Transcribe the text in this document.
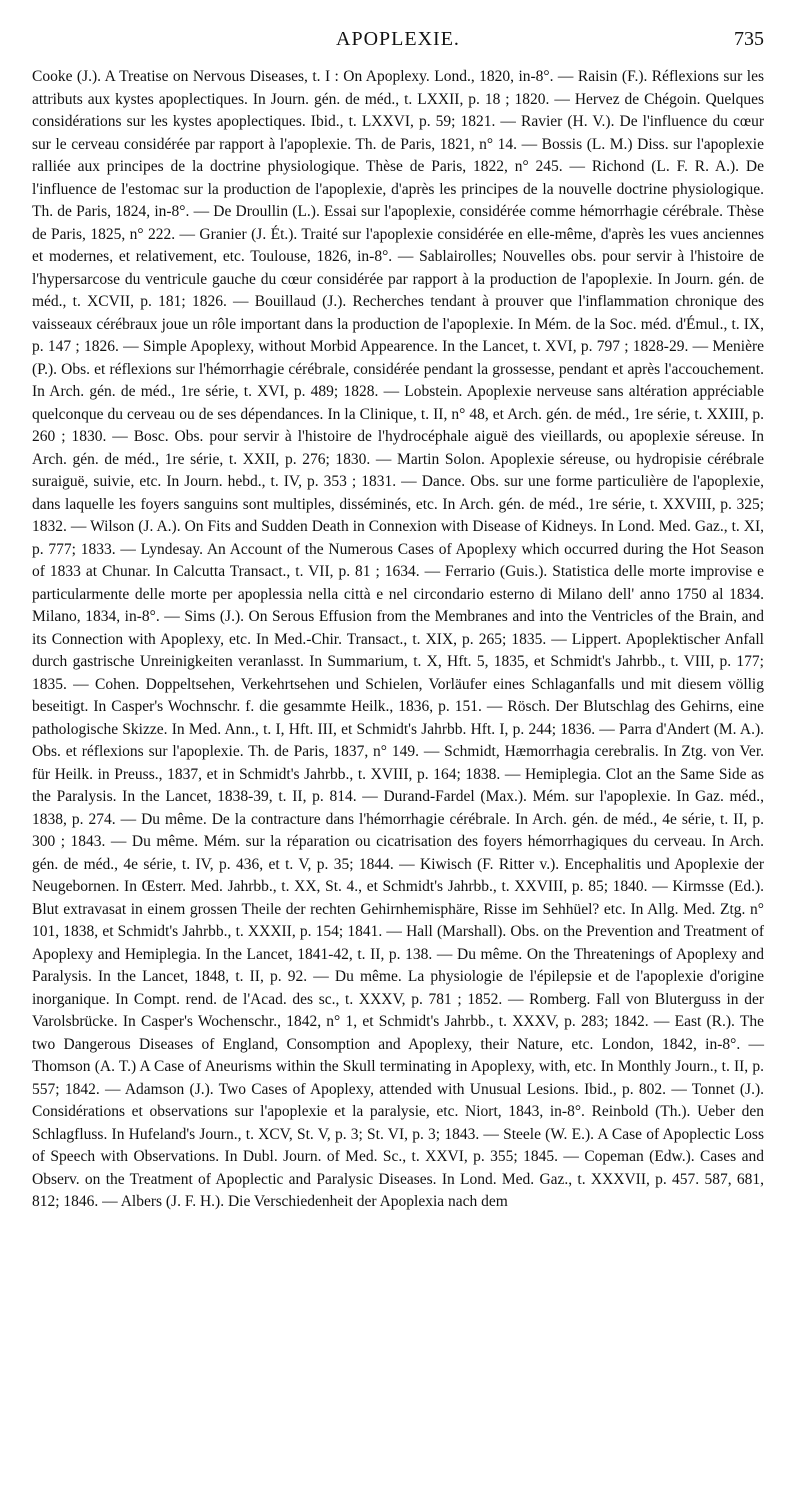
APOPLEXIE.	735

Cooke (J.). A Treatise on Nervous Diseases, t. I : On Apoplexy. Lond., 1820, in-8°. — Raisin (F.). Réflexions sur les attributs aux kystes apoplectiques. In Journ. gén. de méd., t. LXXII, p. 18 ; 1820. — Hervez de Chégoin. Quelques considérations sur les kystes apoplectiques. Ibid., t. LXXVI, p. 59; 1821. — Ravier (H. V.). De l'influence du cœur sur le cerveau considérée par rapport à l'apoplexie. Th. de Paris, 1821, n° 14. — Bossis (L. M.) Diss. sur l'apoplexie ralliée aux principes de la doctrine physiologique. Thèse de Paris, 1822, n° 245. — Richond (L. F. R. A.). De l'influence de l'estomac sur la production de l'apoplexie, d'après les principes de la nouvelle doctrine physiologique. Th. de Paris, 1824, in-8°. — De Droullin (L.). Essai sur l'apoplexie, considérée comme hémorrhagie cérébrale. Thèse de Paris, 1825, n° 222. — Granier (J. Ét.). Traité sur l'apoplexie considérée en elle-même, d'après les vues anciennes et modernes, et relativement, etc. Toulouse, 1826, in-8°. — Sablairolles; Nouvelles obs. pour servir à l'histoire de l'hypersarcose du ventricule gauche du cœur considérée par rapport à la production de l'apoplexie. In Journ. gén. de méd., t. XCVII, p. 181; 1826. — Bouillaud (J.). Recherches tendant à prouver que l'inflammation chronique des vaisseaux cérébraux joue un rôle important dans la production de l'apoplexie. In Mém. de la Soc. méd. d'Émul., t. IX, p. 147 ; 1826. — Simple Apoplexy, without Morbid Appearence. In the Lancet, t. XVI, p. 797 ; 1828-29. — Menière (P.). Obs. et réflexions sur l'hémorrhagie cérébrale, considérée pendant la grossesse, pendant et après l'accouchement. In Arch. gén. de méd., 1re série, t. XVI, p. 489; 1828. — Lobstein. Apoplexie nerveuse sans altération appréciable quelconque du cerveau ou de ses dépendances. In la Clinique, t. II, n° 48, et Arch. gén. de méd., 1re série, t. XXIII, p. 260 ; 1830. — Bosc. Obs. pour servir à l'histoire de l'hydrocéphale aiguë des vieillards, ou apoplexie séreuse. In Arch. gén. de méd., 1re série, t. XXII, p. 276; 1830. — Martin Solon. Apoplexie séreuse, ou hydropisie cérébrale suraiguë, suivie, etc. In Journ. hebd., t. IV, p. 353 ; 1831. — Dance. Obs. sur une forme particulière de l'apoplexie, dans laquelle les foyers sanguins sont multiples, disséminés, etc. In Arch. gén. de méd., 1re série, t. XXVIII, p. 325; 1832. — Wilson (J. A.). On Fits and Sudden Death in Connexion with Disease of Kidneys. In Lond. Med. Gaz., t. XI, p. 777; 1833. — Lyndesay. An Account of the Numerous Cases of Apoplexy which occurred during the Hot Season of 1833 at Chunar. In Calcutta Transact., t. VII, p. 81 ; 1634. — Ferrario (Guis.). Statistica delle morte improvise e particularmente delle morte per apoplessia nella città e nel circondario esterno di Milano dell' anno 1750 al 1834. Milano, 1834, in-8°. — Sims (J.). On Serous Effusion from the Membranes and into the Ventricles of the Brain, and its Connection with Apoplexy, etc. In Med.-Chir. Transact., t. XIX, p. 265; 1835. — Lippert. Apoplektischer Anfall durch gastrische Unreinigkeiten veranlasst. In Summarium, t. X, Hft. 5, 1835, et Schmidt's Jahrbb., t. VIII, p. 177; 1835. — Cohen. Doppeltsehen, Verkehrtsehen und Schielen, Vorläufer eines Schlaganfalls und mit diesem völlig beseitigt. In Casper's Wochnschr. f. die gesammte Heilk., 1836, p. 151. — Rösch. Der Blutschlag des Gehirns, eine pathologische Skizze. In Med. Ann., t. I, Hft. III, et Schmidt's Jahrbb. Hft. I, p. 244; 1836. — Parra d'Andert (M. A.). Obs. et réflexions sur l'apoplexie. Th. de Paris, 1837, n° 149. — Schmidt, Hæmorrhagia cerebralis. In Ztg. von Ver. für Heilk. in Preuss., 1837, et in Schmidt's Jahrbb., t. XVIII, p. 164; 1838. — Hemiplegia. Clot an the Same Side as the Paralysis. In the Lancet, 1838-39, t. II, p. 814. — Durand-Fardel (Max.). Mém. sur l'apoplexie. In Gaz. méd., 1838, p. 274. — Du même. De la contracture dans l'hémorrhagie cérébrale. In Arch. gén. de méd., 4e série, t. II, p. 300 ; 1843. — Du même. Mém. sur la réparation ou cicatrisation des foyers hémorrhagiques du cerveau. In Arch. gén. de méd., 4e série, t. IV, p. 436, et t. V, p. 35; 1844. — Kiwisch (F. Ritter v.). Encephalitis und Apoplexie der Neugebornen. In Œsterr. Med. Jahrbb., t. XX, St. 4., et Schmidt's Jahrbb., t. XXVIII, p. 85; 1840. — Kirmsse (Ed.). Blut extravasat in einem grossen Theile der rechten Gehirnhemisphäre, Risse im Sehhüel? etc. In Allg. Med. Ztg. n° 101, 1838, et Schmidt's Jahrbb., t. XXXII, p. 154; 1841. — Hall (Marshall). Obs. on the Prevention and Treatment of Apoplexy and Hemiplegia. In the Lancet, 1841-42, t. II, p. 138. — Du même. On the Threatenings of Apoplexy and Paralysis. In the Lancet, 1848, t. II, p. 92. — Du même. La physiologie de l'épilepsie et de l'apoplexie d'origine inorganique. In Compt. rend. de l'Acad. des sc., t. XXXV, p. 781 ; 1852. — Romberg. Fall von Bluterguss in der Varolsbrücke. In Casper's Wochenschr., 1842, n° 1, et Schmidt's Jahrbb., t. XXXV, p. 283; 1842. — East (R.). The two Dangerous Diseases of England, Consomption and Apoplexy, their Nature, etc. London, 1842, in-8°. — Thomson (A. T.) A Case of Aneurisms within the Skull terminating in Apoplexy, with, etc. In Monthly Journ., t. II, p. 557; 1842. — Adamson (J.). Two Cases of Apoplexy, attended with Unusual Lesions. Ibid., p. 802. — Tonnet (J.). Considérations et observations sur l'apoplexie et la paralysie, etc. Niort, 1843, in-8°. Reinbold (Th.). Ueber den Schlagfluss. In Hufeland's Journ., t. XCV, St. V, p. 3; St. VI, p. 3; 1843. — Steele (W. E.). A Case of Apoplectic Loss of Speech with Observations. In Dubl. Journ. of Med. Sc., t. XXVI, p. 355; 1845. — Copeman (Edw.). Cases and Observ. on the Treatment of Apoplectic and Paralysic Diseases. In Lond. Med. Gaz., t. XXXVII, p. 457. 587, 681, 812; 1846. — Albers (J. F. H.). Die Verschiedenheit der Apoplexia nach dem
